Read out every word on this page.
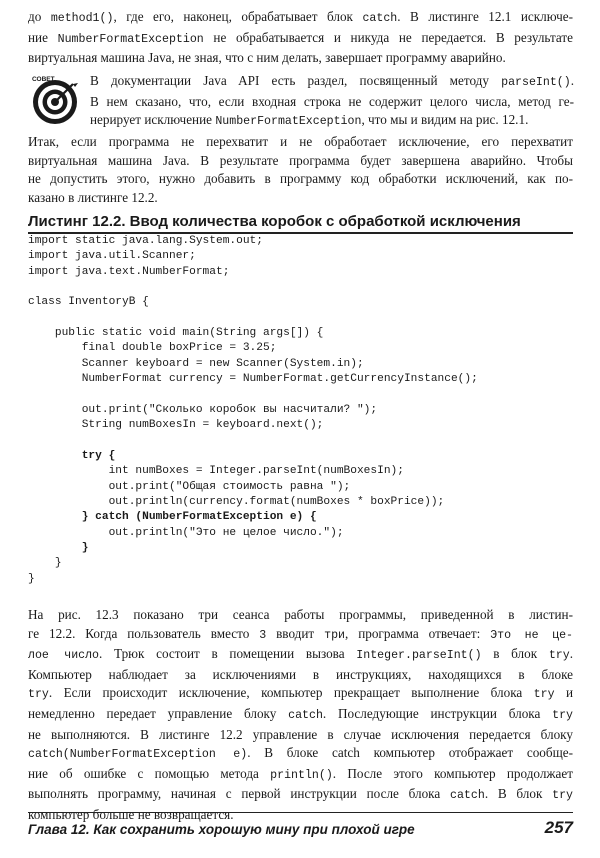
до method1(), где его, наконец, обрабатывает блок catch. В листинге 12.1 исключе-
ние NumberFormatException не обрабатывается и никуда не передается. В результате
виртуальная машина Java, не зная, что с ним делать, завершает программу аварийно.
СОВЕТ	В документации Java API есть раздел, посвященный методу parseInt().
В нем сказано, что, если входная строка не содержит целого числа, метод ге-
нерирует исключение NumberFormatException, что мы и видим на рис. 12.1.
Итак, если программа не перехватит и не обработает исключение, его перехватит
виртуальная машина Java. В результате программа будет завершена аварийно. Чтобы
не допустить этого, нужно добавить в программу код обработки исключений, как по-
казано в листинге 12.2.
Листинг 12.2. Ввод количества коробок с обработкой исключения
import static java.lang.System.out;
import java.util.Scanner;
import java.text.NumberFormat;
class InventoryB {
public static void main(String args[]) {
final double boxPrice = 3.25;
Scanner keyboard = new Scanner(System.in);
NumberFormat currency = NumberFormat.getCurrencyInstance();
out.print("Сколько коробок вы насчитали? ");
String numBoxesIn = keyboard.next();
try {
int numBoxes = Integer.parseInt(numBoxesIn);
out.print("Общая стоимость равна ");
out.println(currency.format(numBoxes * boxPrice));
} catch (NumberFormatException e) {
out.println("Это не целое число.");
}
}
}
На рис. 12.3 показано три сеанса работы программы, приведенной в листин-
ге 12.2. Когда пользователь вместо 3 вводит три, программа отвечает: Это не це-
лое число. Трюк состоит в помещении вызова Integer.parseInt() в блок try.
Компьютер наблюдает за исключениями в инструкциях, находящихся в блоке
try. Если происходит исключение, компьютер прекращает выполнение блока try и
немедленно передает управление блоку catch. Последующие инструкции блока try
не выполняются. В листинге 12.2 управление в случае исключения передается блоку
catch(NumberFormatException e). В блоке catch компьютер отображает сообще-
ние об ошибке с помощью метода println(). После этого компьютер продолжает
выполнять программу, начиная с первой инструкции после блока catch. В блок try
компьютер больше не возвращается.
Глава 12. Как сохранить хорошую мину при плохой игре	257
